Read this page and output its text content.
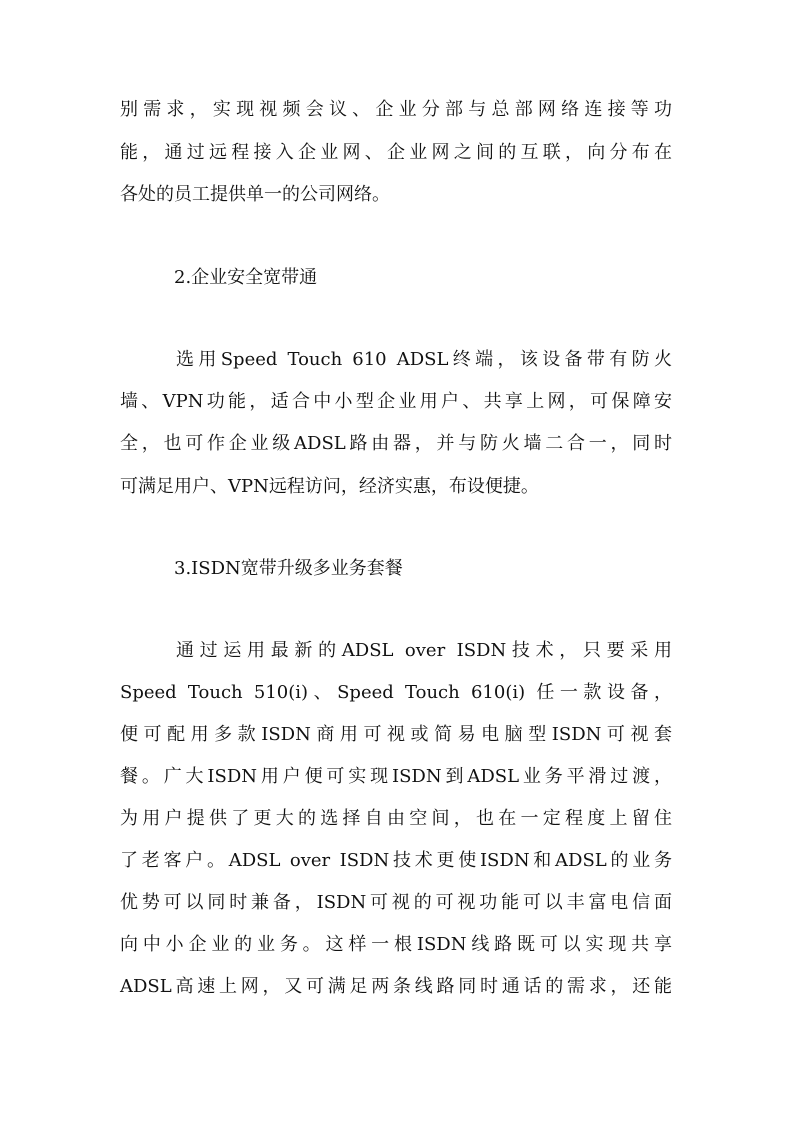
别需求，实现视频会议、企业分部与总部网络连接等功
能，通过远程接入企业网、企业网之间的互联，向分布在
各处的员工提供单一的公司网络。
2.企业安全宽带通
选用Speed Touch 610 ADSL终端，该设备带有防火
墙、VPN功能，适合中小型企业用户、共享上网，可保障安
全，也可作企业级ADSL路由器，并与防火墙二合一，同时
可满足用户、VPN远程访问，经济实惠，布设便捷。
3.ISDN宽带升级多业务套餐
通过运用最新的ADSL over ISDN技术，只要采用
Speed Touch 510(i)、Speed Touch 610(i) 任一款设备，
便可配用多款ISDN商用可视或简易电脑型ISDN可视套
餐。广大ISDN用户便可实现ISDN到ADSL业务平滑过渡，
为用户提供了更大的选择自由空间，也在一定程度上留住
了老客户。ADSL over ISDN技术更使ISDN和ADSL的业务
优势可以同时兼备，ISDN可视的可视功能可以丰富电信面
向中小企业的业务。这样一根ISDN线路既可以实现共享
ADSL高速上网，又可满足两条线路同时通话的需求，还能
